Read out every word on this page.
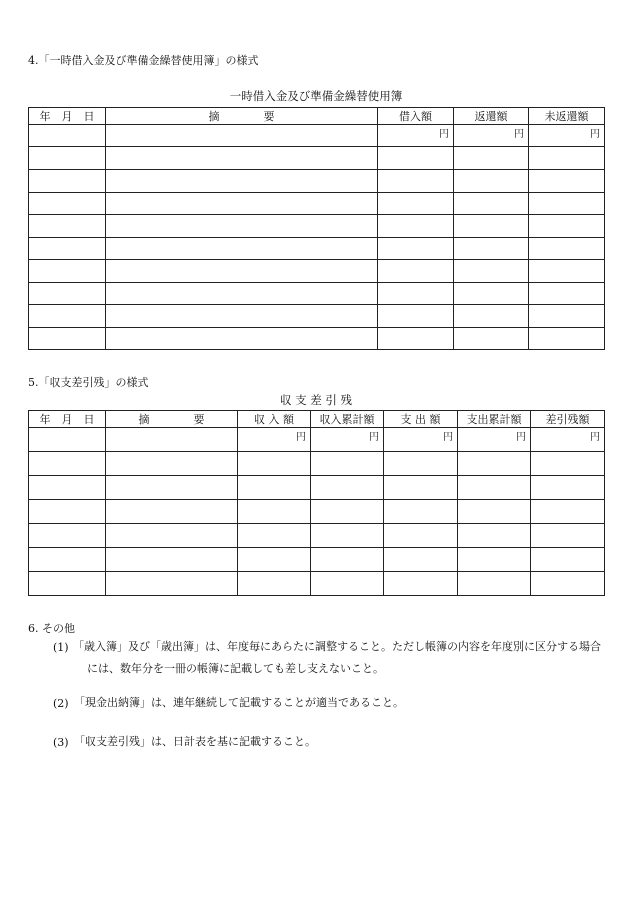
4.「一時借入金及び準備金繰替使用簿」の様式
一時借入金及び準備金繰替使用簿
年　月　日	摘　　　　要	借入額	返還額	未返還額
		円	円	円

5.「収支差引残」の様式
収 支 差 引 残
年　月　日	摘　　　　要	収 入 額	収入累計額	支 出 額	支出累計額	差引残額
		円	円	円	円	円

6. その他
(1) 「歳入簿」及び「歳出簿」は、年度毎にあらたに調整すること。ただし帳簿の内容を年度別に区分する場合には、数年分を一冊の帳簿に記載しても差し支えないこと。
(2) 「現金出納簿」は、連年継続して記載することが適当であること。
(3) 「収支差引残」は、日計表を基に記載すること。
